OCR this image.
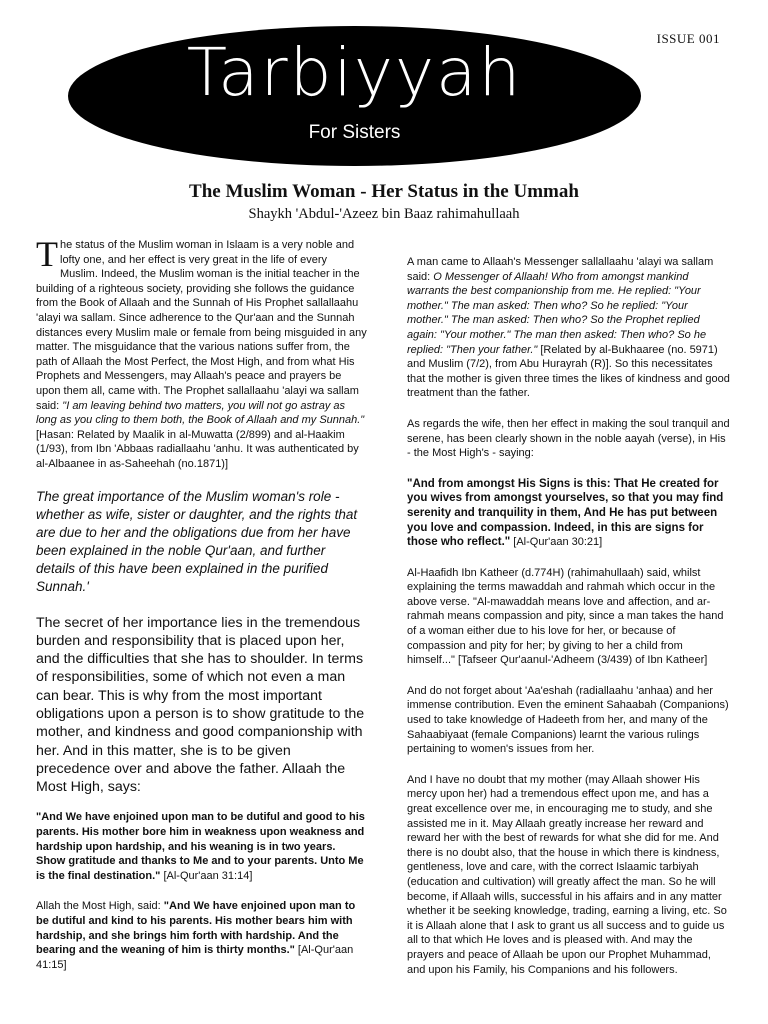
ISSUE 001
Tarbiyyah
For Sisters
The Muslim Woman - Her Status in the Ummah
Shaykh 'Abdul-'Azeez bin Baaz rahimahullaah

The status of the Muslim woman in Islaam is a very noble and lofty one, and her effect is very great in the life of every Muslim. Indeed, the Muslim woman is the initial teacher in the building of a righteous society, providing she follows the guidance from the Book of Allaah and the Sunnah of His Prophet sallallaahu 'alayi wa sallam. Since adherence to the Qur'aan and the Sunnah distances every Muslim male or female from being misguided in any matter. The misguidance that the various nations suffer from, the path of Allaah the Most Perfect, the Most High, and from what His Prophets and Messengers, may Allaah's peace and prayers be upon them all, came with. The Prophet sallallaahu 'alayi wa sallam said: "I am leaving behind two matters, you will not go astray as long as you cling to them both, the Book of Allaah and my Sunnah." [Hasan: Related by Maalik in al-Muwatta (2/899) and al-Haakim (1/93), from Ibn 'Abbaas radiallaahu 'anhu. It was authenticated by al-Albaanee in as-Saheehah (no.1871)]

The great importance of the Muslim woman's role - whether as wife, sister or daughter, and the rights that are due to her and the obligations due from her have been explained in the noble Qur'aan, and further details of this have been explained in the purified Sunnah.'

The secret of her importance lies in the tremendous burden and responsibility that is placed upon her, and the difficulties that she has to shoulder. In terms of responsibilities, some of which not even a man can bear. This is why from the most important obligations upon a person is to show gratitude to the mother, and kindness and good companionship with her. And in this matter, she is to be given precedence over and above the father. Allaah the Most High, says:

"And We have enjoined upon man to be dutiful and good to his parents. His mother bore him in weakness upon weakness and hardship upon hardship, and his weaning is in two years. Show gratitude and thanks to Me and to your parents. Unto Me is the final destination." [Al-Qur'aan 31:14]

Allah the Most High, said: "And We have enjoined upon man to be dutiful and kind to his parents. His mother bears him with hardship, and she brings him forth with hardship. And the bearing and the weaning of him is thirty months." [Al-Qur'aan 41:15]

A man came to Allaah's Messenger sallallaahu 'alayi wa sallam said: O Messenger of Allaah! Who from amongst mankind warrants the best companionship from me. He replied: "Your mother." The man asked: Then who? So he replied: "Your mother." The man asked: Then who? So the Prophet replied again: "Your mother." The man then asked: Then who? So he replied: "Then your father." [Related by al-Bukhaaree (no. 5971) and Muslim (7/2), from Abu Hurayrah (R)]. So this necessitates that the mother is given three times the likes of kindness and good treatment than the father.

As regards the wife, then her effect in making the soul tranquil and serene, has been clearly shown in the noble aayah (verse), in His - the Most High's - saying:

"And from amongst His Signs is this: That He created for you wives from amongst yourselves, so that you may find serenity and tranquility in them, And He has put between you love and compassion. Indeed, in this are signs for those who reflect." [Al-Qur'aan 30:21]

Al-Haafidh Ibn Katheer (d.774H) (rahimahullaah) said, whilst explaining the terms mawaddah and rahmah which occur in the above verse. "Al-mawaddah means love and affection, and ar-rahmah means compassion and pity, since a man takes the hand of a woman either due to his love for her, or because of compassion and pity for her; by giving to her a child from himself..." [Tafseer Qur'aanul-'Adheem (3/439) of Ibn Katheer]

And do not forget about 'Aa'eshah (radiallaahu 'anhaa) and her immense contribution. Even the eminent Sahaabah (Companions) used to take knowledge of Hadeeth from her, and many of the Sahaabiyaat (female Companions) learnt the various rulings pertaining to women's issues from her.

And I have no doubt that my mother (may Allaah shower His mercy upon her) had a tremendous effect upon me, and has a great excellence over me, in encouraging me to study, and she assisted me in it. May Allaah greatly increase her reward and reward her with the best of rewards for what she did for me. And there is no doubt also, that the house in which there is kindness, gentleness, love and care, with the correct Islaamic tarbiyah (education and cultivation) will greatly affect the man. So he will become, if Allaah wills, successful in his affairs and in any matter whether it be seeking knowledge, trading, earning a living, etc. So it is Allaah alone that I ask to grant us all success and to guide us all to that which He loves and is pleased with. And may the prayers and peace of Allaah be upon our Prophet Muhammad, and upon his Family, his Companions and his followers.
